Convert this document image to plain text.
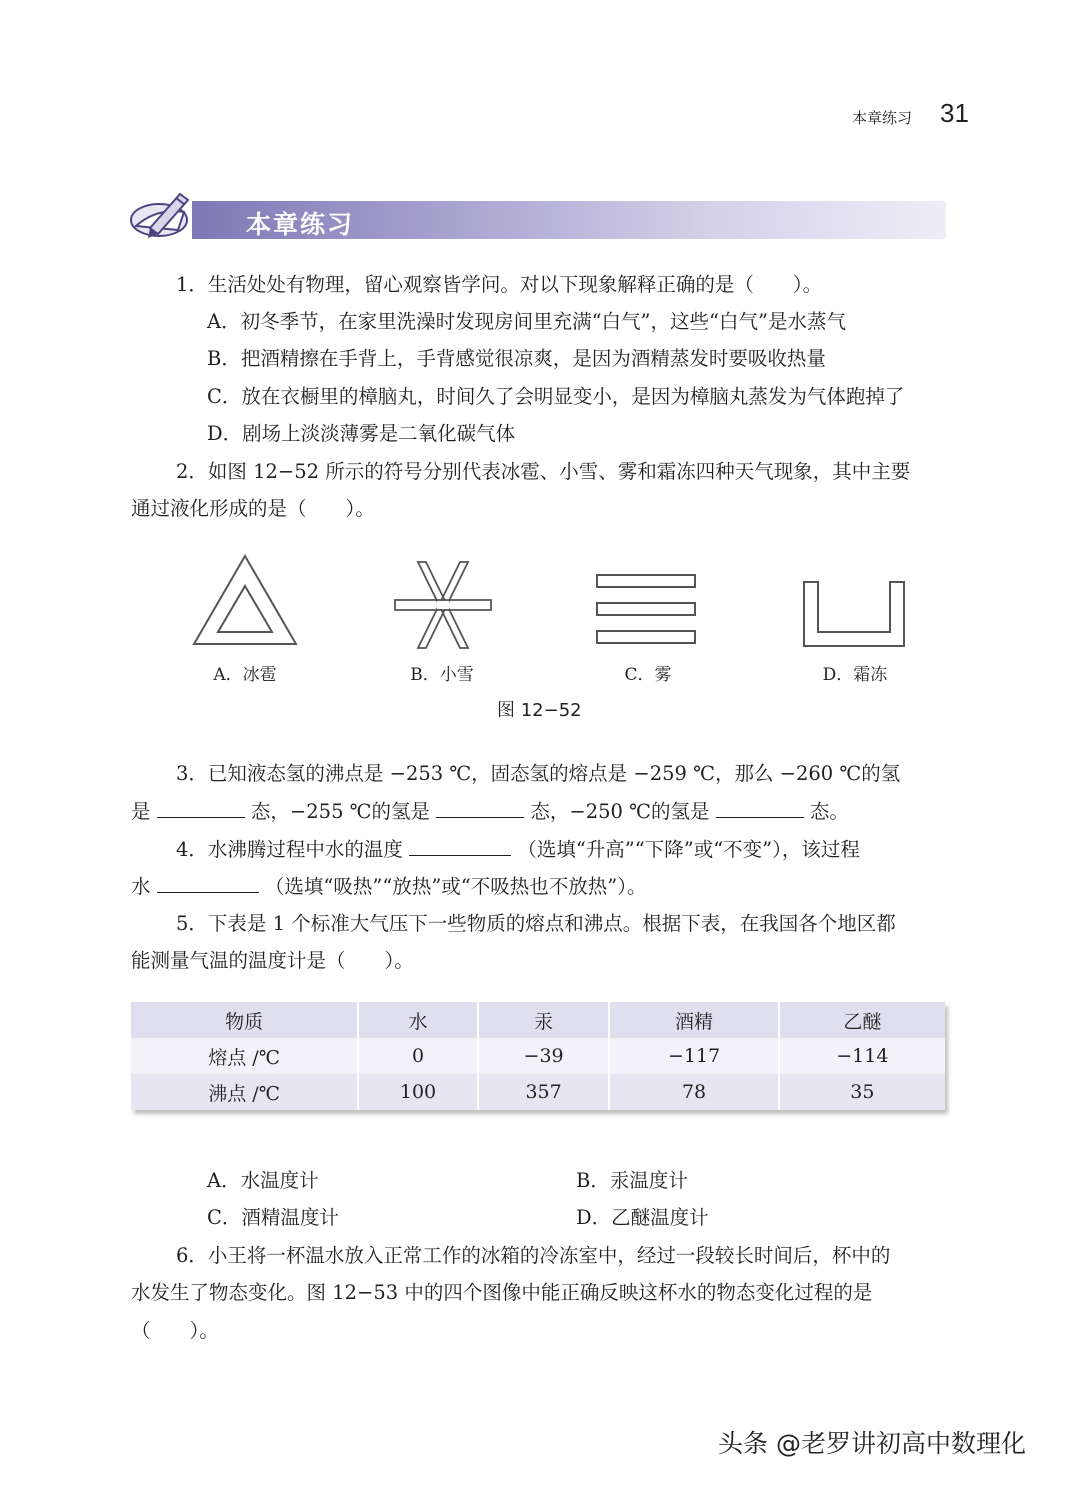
本章练习 31
本章练习
1．生活处处有物理，留心观察皆学问。对以下现象解释正确的是（　　）。
A．初冬季节，在家里洗澡时发现房间里充满“白气”，这些“白气”是水蒸气
B．把酒精擦在手背上，手背感觉很凉爽，是因为酒精蒸发时要吸收热量
C．放在衣橱里的樟脑丸，时间久了会明显变小，是因为樟脑丸蒸发为气体跑掉了
D．剧场上淡淡薄雾是二氧化碳气体
2．如图 12−52 所示的符号分别代表冰雹、小雪、雾和霜冻四种天气现象，其中主要
通过液化形成的是（　　）。
A．冰雹	B．小雪	C．雾	D．霜冻
图 12−52
3．已知液态氢的沸点是 −253 ℃，固态氢的熔点是 −259 ℃，那么 −260 ℃的氢
是	态，−255 ℃的氢是	态，−250 ℃的氢是	态。
4．水沸腾过程中水的温度	（选填“升高”“下降”或“不变”），该过程
水	（选填“吸热”“放热”或“不吸热也不放热”）。
5．下表是 1 个标准大气压下一些物质的熔点和沸点。根据下表，在我国各个地区都
能测量气温的温度计是（　　）。
物质	水	汞	酒精	乙醚
熔点 /℃	0	−39	−117	−114
沸点 /℃	100	357	78	35
A．水温度计	B．汞温度计
C．酒精温度计	D．乙醚温度计
6．小王将一杯温水放入正常工作的冰箱的冷冻室中，经过一段较长时间后，杯中的
水发生了物态变化。图 12−53 中的四个图像中能正确反映这杯水的物态变化过程的是
（　　）。
头条 @老罗讲初高中数理化
